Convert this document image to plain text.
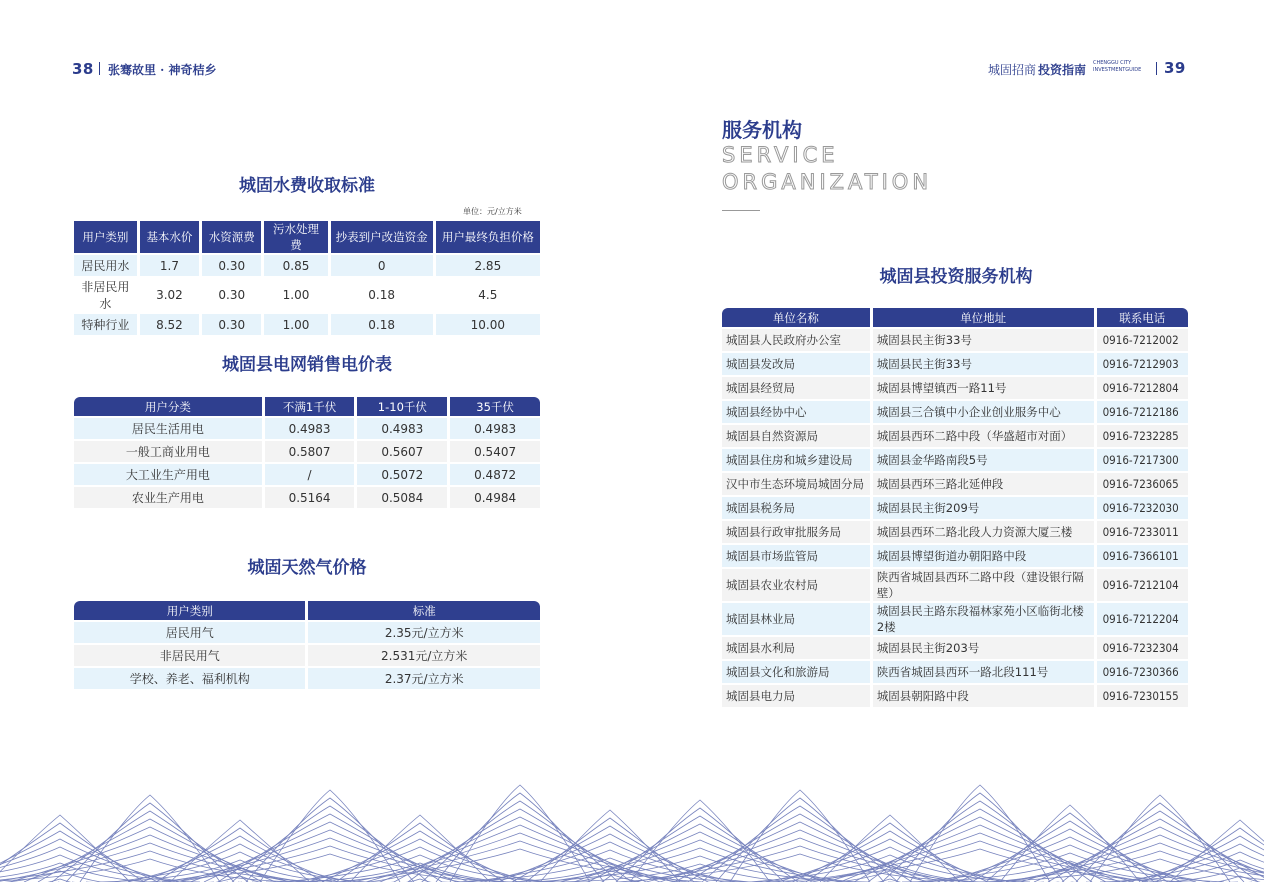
38 张骞故里 · 神奇桔乡	城固招商 投资指南 CHENGGU CITY
INVESTMENTGUIDE 39
城固水费收取标准
单位：元/立方米
用户类别	基本水价	水资源费	污水处理费	抄表到户改造资金	用户最终负担价格
居民用水	1.7	0.30	0.85	0	2.85
非居民用水	3.02	0.30	1.00	0.18	4.5
特种行业	8.52	0.30	1.00	0.18	10.00
城固县电网销售电价表
用户分类	不满1千伏	1-10千伏	35千伏
居民生活用电	0.4983	0.4983	0.4983
一般工商业用电	0.5807	0.5607	0.5407
大工业生产用电	/	0.5072	0.4872
农业生产用电	0.5164	0.5084	0.4984
城固天然气价格
用户类别	标准
居民用气	2.35元/立方米
非居民用气	2.531元/立方米
学校、养老、福利机构	2.37元/立方米
服务机构
SERVICE
ORGANIZATION
城固县投资服务机构
单位名称	单位地址	联系电话
城固县人民政府办公室	城固县民主街33号	0916-7212002
城固县发改局	城固县民主街33号	0916-7212903
城固县经贸局	城固县博望镇西一路11号	0916-7212804
城固县经协中心	城固县三合镇中小企业创业服务中心	0916-7212186
城固县自然资源局	城固县西环二路中段（华盛超市对面）	0916-7232285
城固县住房和城乡建设局	城固县金华路南段5号	0916-7217300
汉中市生态环境局城固分局	城固县西环三路北延伸段	0916-7236065
城固县税务局	城固县民主街209号	0916-7232030
城固县行政审批服务局	城固县西环二路北段人力资源大厦三楼	0916-7233011
城固县市场监管局	城固县博望街道办朝阳路中段	0916-7366101
城固县农业农村局	陕西省城固县西环二路中段（建设银行隔壁）	0916-7212104
城固县林业局	城固县民主路东段福林家苑小区临街北楼2楼	0916-7212204
城固县水利局	城固县民主街203号	0916-7232304
城固县文化和旅游局	陕西省城固县西环一路北段111号	0916-7230366
城固县电力局	城固县朝阳路中段	0916-7230155
